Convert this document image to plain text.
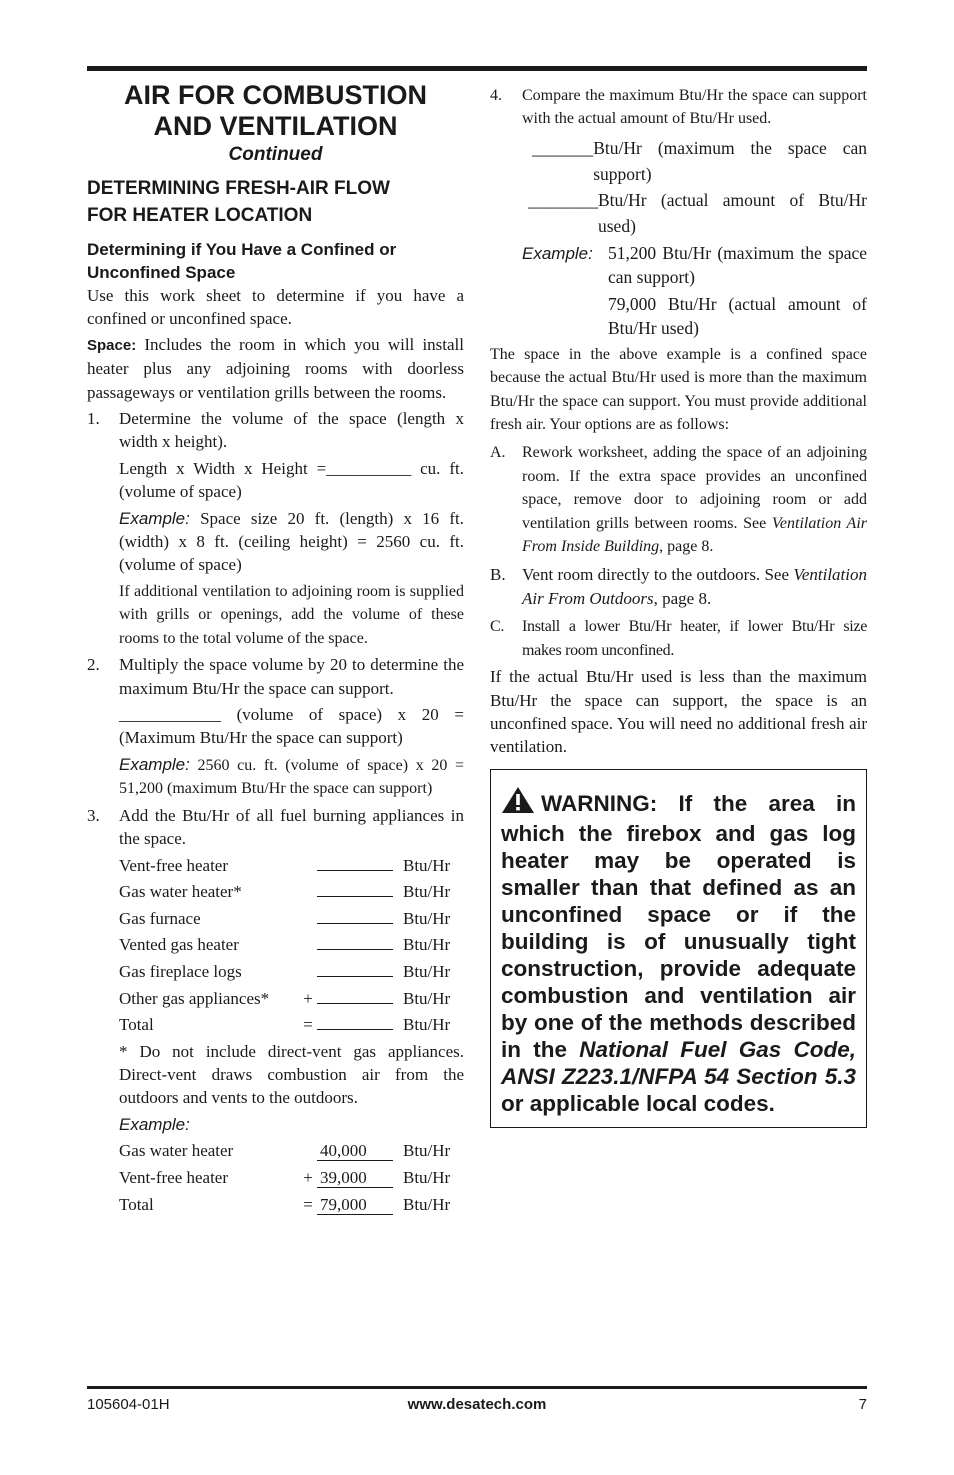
AIR FOR COMBUSTION
AND VENTILATION
Continued
DETERMINING FRESH-AIR FLOW
FOR HEATER LOCATION
Determining if You Have a Confined or
Unconfined Space
Use this work sheet to determine if you have a confined or unconfined space.
Space: Includes the room in which you will install heater plus any adjoining rooms with doorless passageways or ventilation grills between the rooms.
1. Determine the volume of the space (length x width x height).
Length x Width x Height =__________ cu. ft. (volume of space)
Example: Space size 20 ft. (length) x 16 ft. (width) x 8 ft. (ceiling height) = 2560 cu. ft. (volume of space)
If additional ventilation to adjoining room is supplied with grills or openings, add the volume of these rooms to the total volume of the space.
2. Multiply the space volume by 20 to determine the maximum Btu/Hr the space can support.
____________ (volume of space) x 20 = (Maximum Btu/Hr the space can support)
Example: 2560 cu. ft. (volume of space) x 20 = 51,200 (maximum Btu/Hr the space can support)
3. Add the Btu/Hr of all fuel burning appliances in the space.
Vent-free heater			Btu/Hr
Gas water heater*			Btu/Hr
Gas furnace			Btu/Hr
Vented gas heater			Btu/Hr
Gas fireplace logs			Btu/Hr
Other gas appliances*	+		Btu/Hr
Total	=		Btu/Hr
* Do not include direct-vent gas appliances. Direct-vent draws combustion air from the outdoors and vents to the outdoors.
Example:
Gas water heater		40,000	Btu/Hr
Vent-free heater	+	39,000	Btu/Hr
Total	=	79,000	Btu/Hr
4. Compare the maximum Btu/Hr the space can support with the actual amount of Btu/Hr used.
_______ Btu/Hr (maximum the space can support)
________ Btu/Hr (actual amount of Btu/Hr used)
Example: 51,200 Btu/Hr (maximum the space can support)
79,000 Btu/Hr (actual amount of Btu/Hr used)
The space in the above example is a confined space because the actual Btu/Hr used is more than the maximum Btu/Hr the space can support. You must provide additional fresh air. Your options are as follows:
A. Rework worksheet, adding the space of an adjoining room. If the extra space provides an unconfined space, remove door to adjoining room or add ventilation grills between rooms. See Ventilation Air From Inside Building, page 8.
B. Vent room directly to the outdoors. See Ventilation Air From Outdoors, page 8.
C. Install a lower Btu/Hr heater, if lower Btu/Hr size makes room unconfined.
If the actual Btu/Hr used is less than the maximum Btu/Hr the space can support, the space is an unconfined space. You will need no additional fresh air ventilation.
WARNING: If the area in which the firebox and gas log heater may be operated is smaller than that defined as an unconfined space or if the building is of unusually tight construction, provide adequate combustion and ventilation air by one of the methods described in the National Fuel Gas Code, ANSI Z223.1/NFPA 54 Section 5.3 or applicable local codes.
105604-01H	www.desatech.com	7
